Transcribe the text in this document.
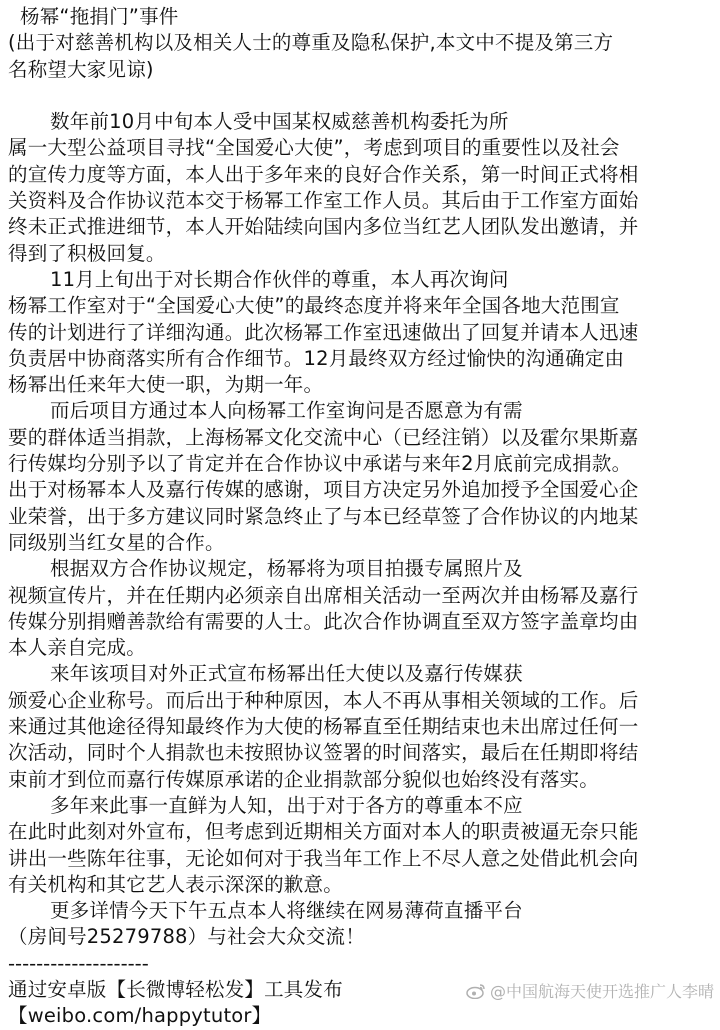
杨幂“拖捐门”事件
(出于对慈善机构以及相关人士的尊重及隐私保护,本文中不提及第三方
名称望大家见谅)
数年前10月中旬本人受中国某权威慈善机构委托为所
属一大型公益项目寻找“全国爱心大使”，考虑到项目的重要性以及社会
的宣传力度等方面，本人出于多年来的良好合作关系，第一时间正式将相
关资料及合作协议范本交于杨幂工作室工作人员。其后由于工作室方面始
终未正式推进细节，本人开始陆续向国内多位当红艺人团队发出邀请，并
得到了积极回复。
11月上旬出于对长期合作伙伴的尊重，本人再次询问
杨幂工作室对于“全国爱心大使”的最终态度并将来年全国各地大范围宣
传的计划进行了详细沟通。此次杨幂工作室迅速做出了回复并请本人迅速
负责居中协商落实所有合作细节。12月最终双方经过愉快的沟通确定由
杨幂出任来年大使一职，为期一年。
而后项目方通过本人向杨幂工作室询问是否愿意为有需
要的群体适当捐款，上海杨幂文化交流中心（已经注销）以及霍尔果斯嘉
行传媒均分别予以了肯定并在合作协议中承诺与来年2月底前完成捐款。
出于对杨幂本人及嘉行传媒的感谢，项目方决定另外追加授予全国爱心企
业荣誉，出于多方建议同时紧急终止了与本已经草签了合作协议的内地某
同级别当红女星的合作。
根据双方合作协议规定，杨幂将为项目拍摄专属照片及
视频宣传片，并在任期内必须亲自出席相关活动一至两次并由杨幂及嘉行
传媒分别捐赠善款给有需要的人士。此次合作协调直至双方签字盖章均由
本人亲自完成。
来年该项目对外正式宣布杨幂出任大使以及嘉行传媒获
颁爱心企业称号。而后出于种种原因，本人不再从事相关领域的工作。后
来通过其他途径得知最终作为大使的杨幂直至任期结束也未出席过任何一
次活动，同时个人捐款也未按照协议签署的时间落实，最后在任期即将结
束前才到位而嘉行传媒原承诺的企业捐款部分貌似也始终没有落实。
多年来此事一直鲜为人知，出于对于各方的尊重本不应
在此时此刻对外宣布，但考虑到近期相关方面对本人的职责被逼无奈只能
讲出一些陈年往事，无论如何对于我当年工作上不尽人意之处借此机会向
有关机构和其它艺人表示深深的歉意。
更多详情今天下午五点本人将继续在网易薄荷直播平台
（房间号25279788）与社会大众交流！
--------------------
通过安卓版【长微博轻松发】工具发布
【weibo.com/happytutor】
@中国航海天使开选推广人李晴
